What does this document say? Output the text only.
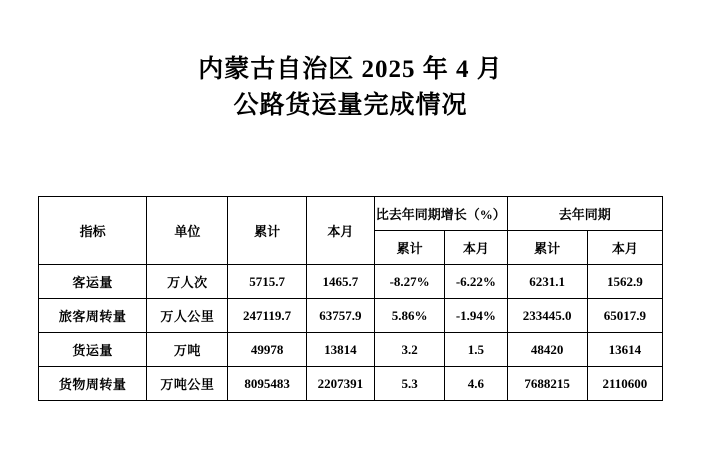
内蒙古自治区 2025 年 4 月
公路货运量完成情况
指标	单位	累计	本月	比去年同期增长（%）		去年同期	
				累计	本月	累计	本月
客运量	万人次	5715.7	1465.7	-8.27%	-6.22%	6231.1	1562.9
旅客周转量	万人公里	247119.7	63757.9	5.86%	-1.94%	233445.0	65017.9
货运量	万吨	49978	13814	3.2	1.5	48420	13614
货物周转量	万吨公里	8095483	2207391	5.3	4.6	7688215	2110600
